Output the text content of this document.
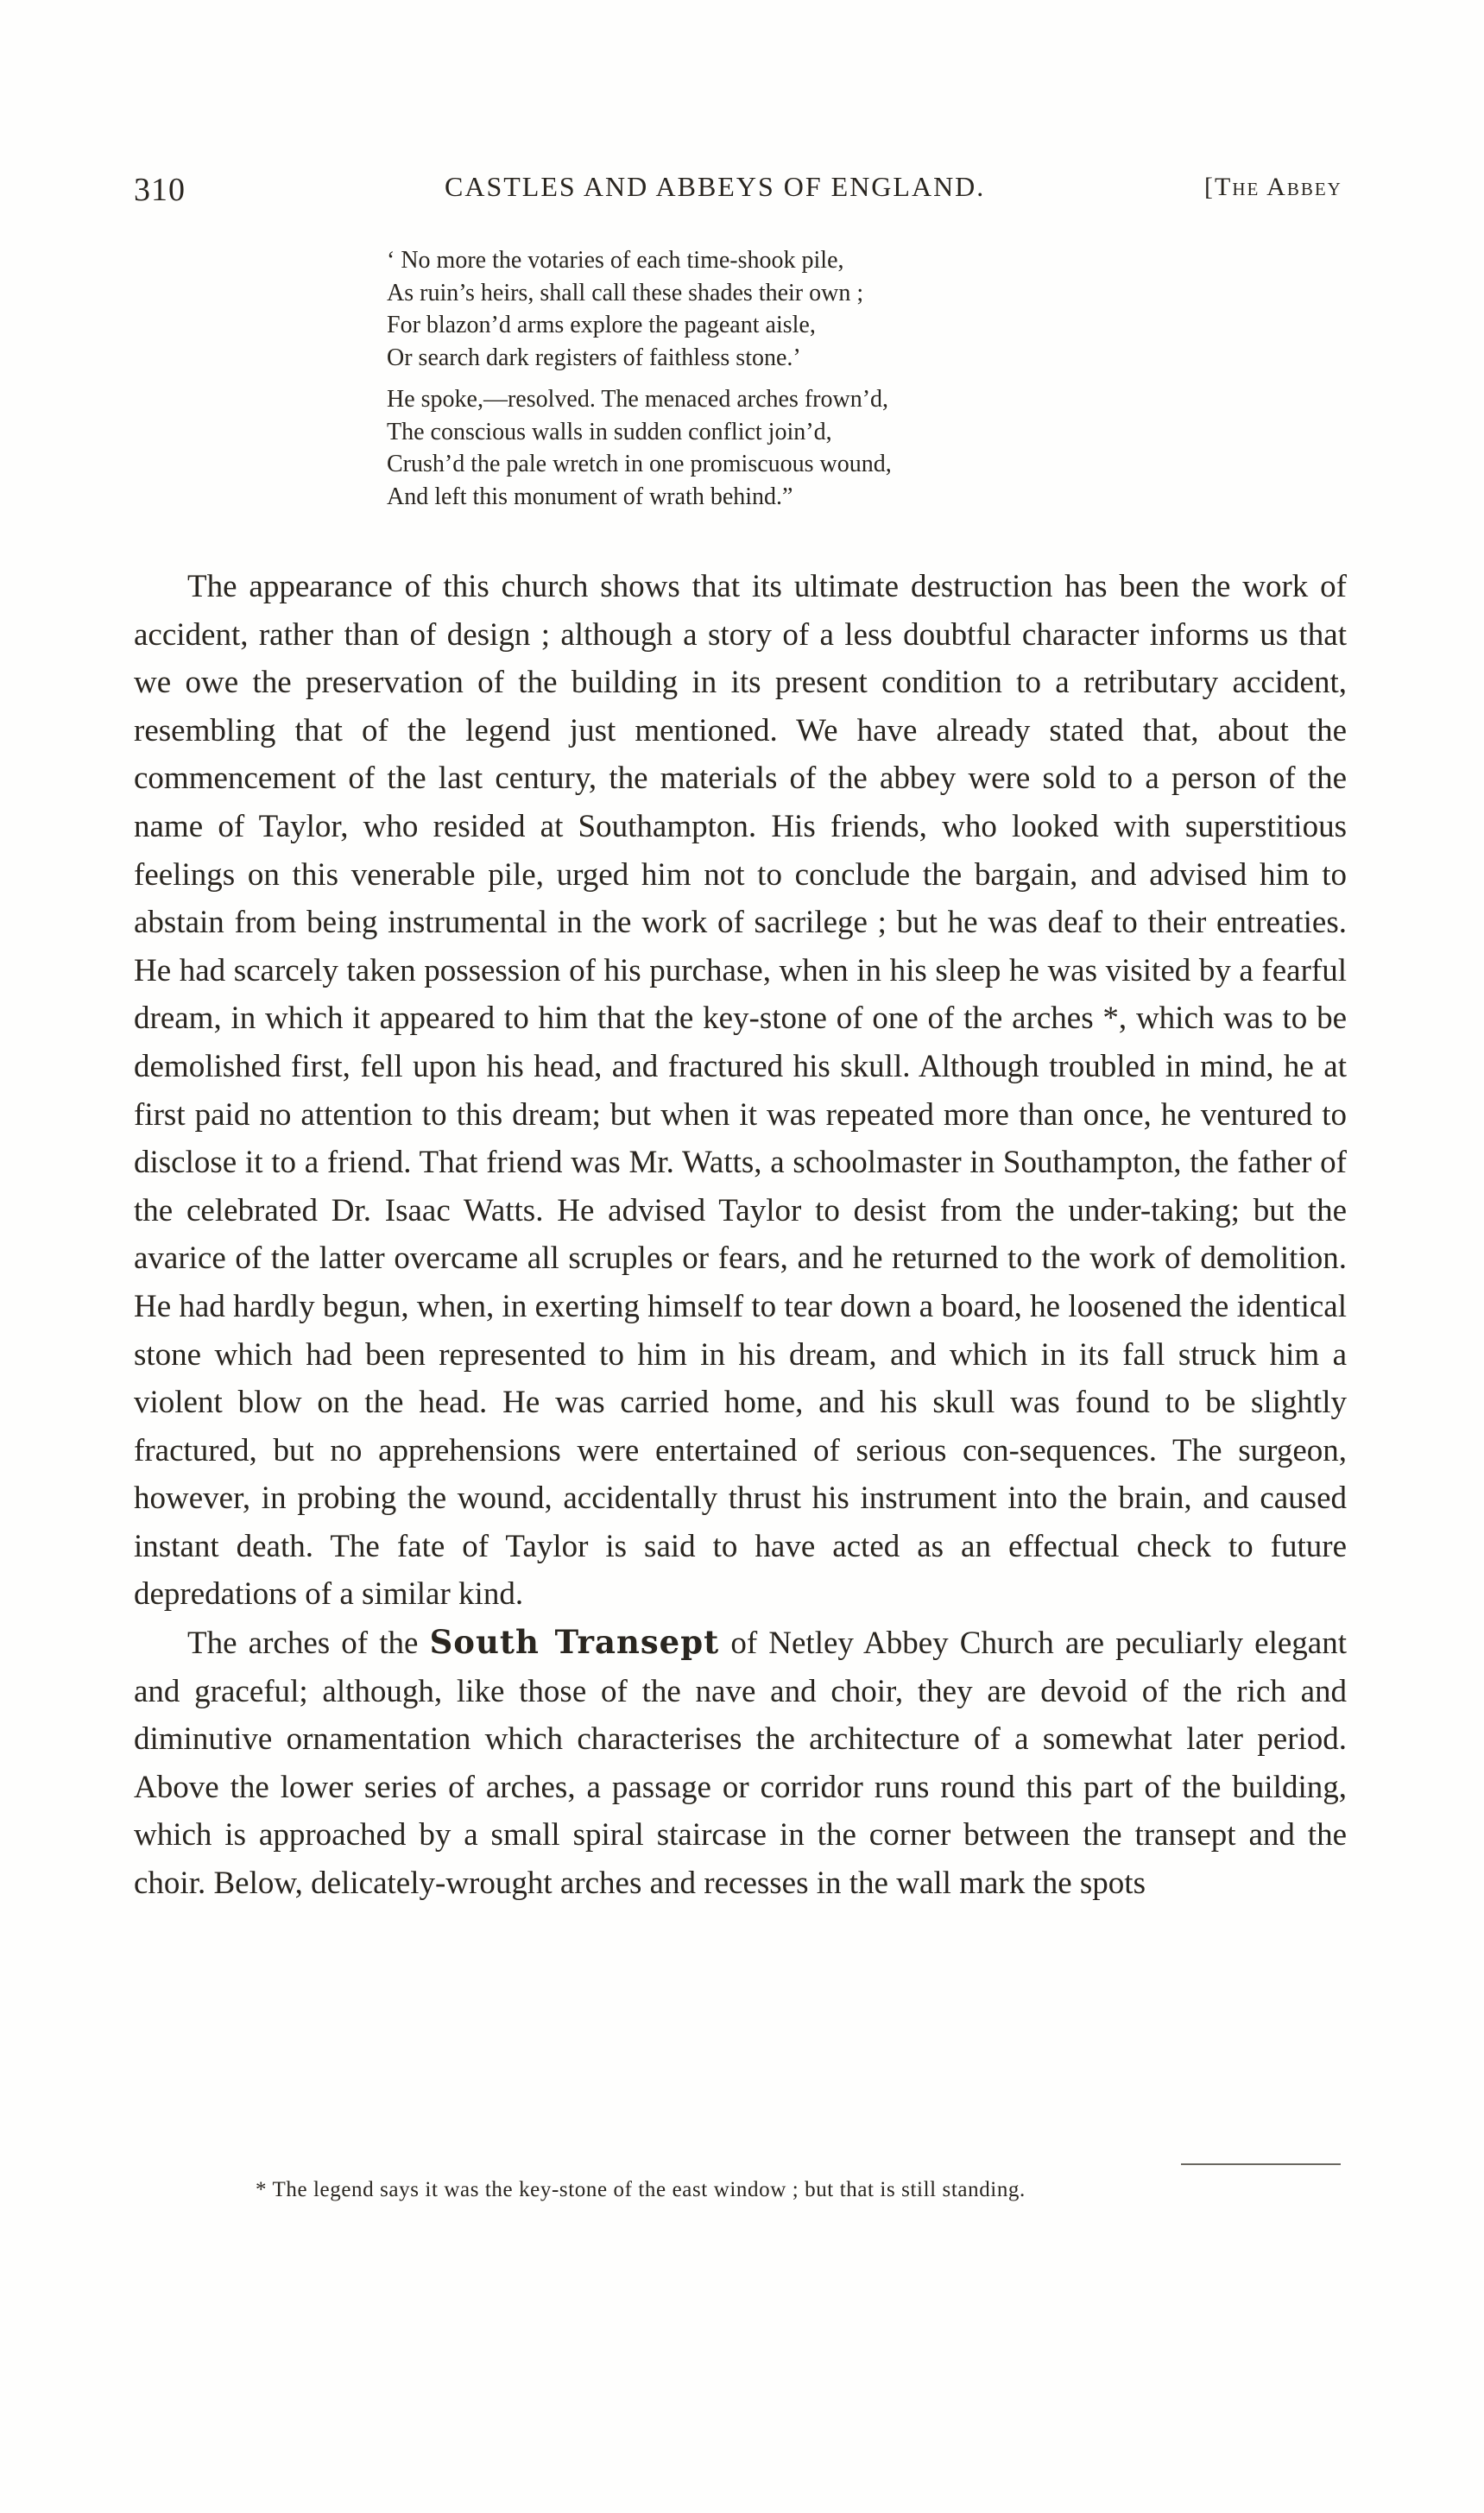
310	CASTLES AND ABBEYS OF ENGLAND.	[The Abbey
‘ No more the votaries of each time-shook pile,
As ruin’s heirs, shall call these shades their own ;
For blazon’d arms explore the pageant aisle,
Or search dark registers of faithless stone.’
He spoke,—resolved. The menaced arches frown’d,
The conscious walls in sudden conflict join’d,
Crush’d the pale wretch in one promiscuous wound,
And left this monument of wrath behind.”

The appearance of this church shows that its ultimate destruction has been the work of accident, rather than of design ; although a story of a less doubtful character informs us that we owe the preservation of the building in its present condition to a retributary accident, resembling that of the legend just mentioned. We have already stated that, about the commencement of the last century, the materials of the abbey were sold to a person of the name of Taylor, who resided at Southampton. His friends, who looked with superstitious feelings on this venerable pile, urged him not to conclude the bargain, and advised him to abstain from being instrumental in the work of sacrilege ; but he was deaf to their entreaties. He had scarcely taken possession of his purchase, when in his sleep he was visited by a fearful dream, in which it appeared to him that the key-stone of one of the arches *, which was to be demolished first, fell upon his head, and fractured his skull. Although troubled in mind, he at first paid no attention to this dream; but when it was repeated more than once, he ventured to disclose it to a friend. That friend was Mr. Watts, a schoolmaster in Southampton, the father of the celebrated Dr. Isaac Watts. He advised Taylor to desist from the under-taking; but the avarice of the latter overcame all scruples or fears, and he returned to the work of demolition. He had hardly begun, when, in exerting himself to tear down a board, he loosened the identical stone which had been represented to him in his dream, and which in its fall struck him a violent blow on the head. He was carried home, and his skull was found to be slightly fractured, but no apprehensions were entertained of serious con-sequences. The surgeon, however, in probing the wound, accidentally thrust his instrument into the brain, and caused instant death. The fate of Taylor is said to have acted as an effectual check to future depredations of a similar kind.

The arches of the South Transept of Netley Abbey Church are peculiarly elegant and graceful; although, like those of the nave and choir, they are devoid of the rich and diminutive ornamentation which characterises the architecture of a somewhat later period. Above the lower series of arches, a passage or corridor runs round this part of the building, which is approached by a small spiral staircase in the corner between the transept and the choir. Below, delicately-wrought arches and recesses in the wall mark the spots

* The legend says it was the key-stone of the east window ; but that is still standing.
